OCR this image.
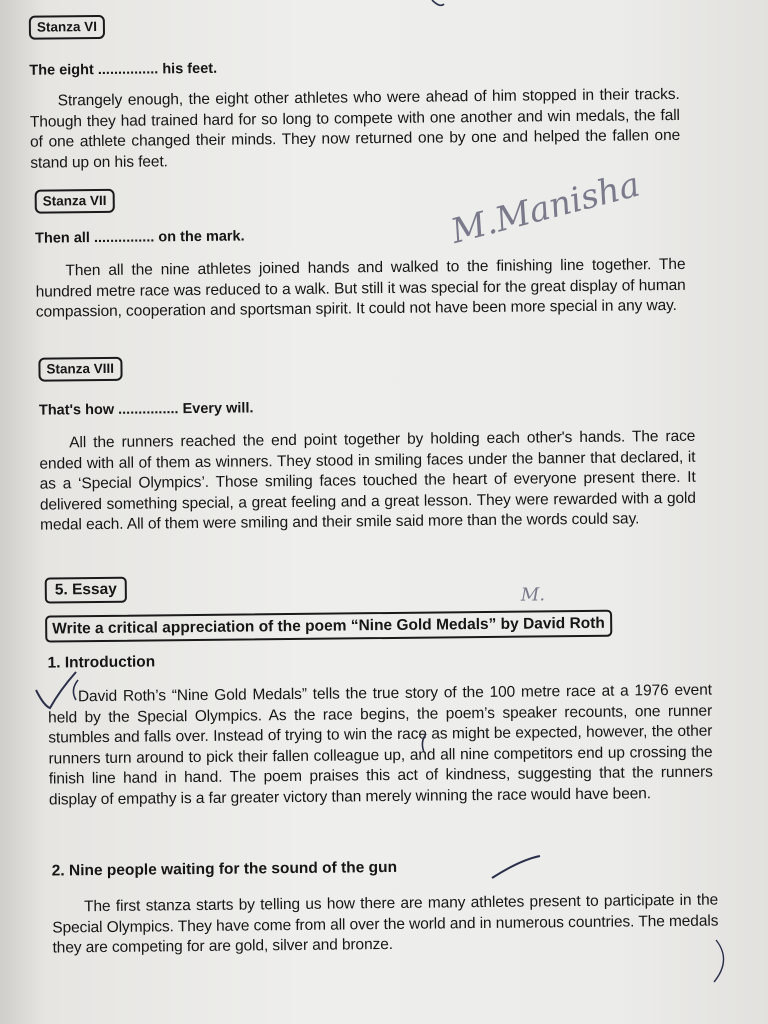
Stanza VI
The eight ............... his feet.
Strangely enough, the eight other athletes who were ahead of him stopped in their tracks. Though they had trained hard for so long to compete with one another and win medals, the fall of one athlete changed their minds. They now returned one by one and helped the fallen one stand up on his feet.
Stanza VII
Then all ............... on the mark.
Then all the nine athletes joined hands and walked to the finishing line together. The hundred metre race was reduced to a walk. But still it was special for the great display of human compassion, cooperation and sportsman spirit. It could not have been more special in any way.
Stanza VIII
That's how ............... Every will.
All the runners reached the end point together by holding each other's hands. The race ended with all of them as winners. They stood in smiling faces under the banner that declared, it as a ‘Special Olympics’. Those smiling faces touched the heart of everyone present there. It delivered something special, a great feeling and a great lesson. They were rewarded with a gold medal each. All of them were smiling and their smile said more than the words could say.
5. Essay
Write a critical appreciation of the poem “Nine Gold Medals” by David Roth
1. Introduction
David Roth’s “Nine Gold Medals” tells the true story of the 100 metre race at a 1976 event held by the Special Olympics. As the race begins, the poem’s speaker recounts, one runner stumbles and falls over. Instead of trying to win the race as might be expected, however, the other runners turn around to pick their fallen colleague up, and all nine competitors end up crossing the finish line hand in hand. The poem praises this act of kindness, suggesting that the runners display of empathy is a far greater victory than merely winning the race would have been.
2. Nine people waiting for the sound of the gun
The first stanza starts by telling us how there are many athletes present to participate in the Special Olympics. They have come from all over the world and in numerous countries. The medals they are competing for are gold, silver and bronze.
M.Manisha
M.
